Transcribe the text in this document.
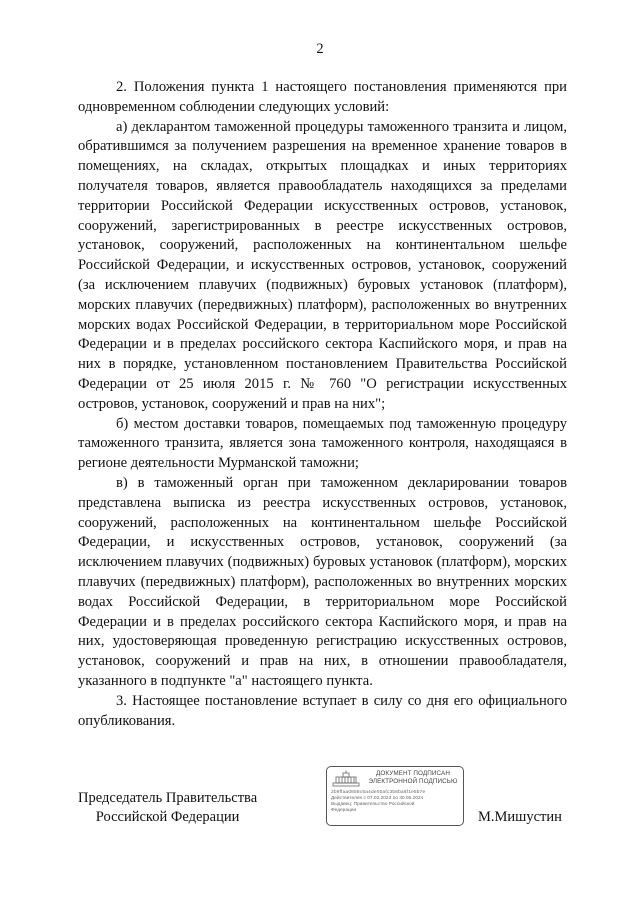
2

2. Положения пункта 1 настоящего постановления применяются при одновременном соблюдении следующих условий:

а) декларантом таможенной процедуры таможенного транзита и лицом, обратившимся за получением разрешения на временное хранение товаров в помещениях, на складах, открытых площадках и иных территориях получателя товаров, является правообладатель находящихся за пределами территории Российской Федерации искусственных островов, установок, сооружений, зарегистрированных в реестре искусственных островов, установок, сооружений, расположенных на континентальном шельфе Российской Федерации, и искусственных островов, установок, сооружений (за исключением плавучих (подвижных) буровых установок (платформ), морских плавучих (передвижных) платформ), расположенных во внутренних морских водах Российской Федерации, в территориальном море Российской Федерации и в пределах российского сектора Каспийского моря, и прав на них в порядке, установленном постановлением Правительства Российской Федерации от 25 июля 2015 г. № 760 "О регистрации искусственных островов, установок, сооружений и прав на них";

б) местом доставки товаров, помещаемых под таможенную процедуру таможенного транзита, является зона таможенного контроля, находящаяся в регионе деятельности Мурманской таможни;

в) в таможенный орган при таможенном декларировании товаров представлена выписка из реестра искусственных островов, установок, сооружений, расположенных на континентальном шельфе Российской Федерации, и искусственных островов, установок, сооружений (за исключением плавучих (подвижных) буровых установок (платформ), морских плавучих (передвижных) платформ), расположенных во внутренних морских водах Российской Федерации, в территориальном море Российской Федерации и в пределах российского сектора Каспийского моря, и прав на них, удостоверяющая проведенную регистрацию искусственных островов, установок, сооружений и прав на них, в отношении правообладателя, указанного в подпункте "а" настоящего пункта.

3. Настоящее постановление вступает в силу со дня его официального опубликования.

Председатель Правительства
Российской Федерации
ДОКУМЕНТ ПОДПИСАН
ЭЛЕКТРОННОЙ ПОДПИСЬЮ
2b9ffaa0858c6a4de00afc3b6ba8f1e5b7e
Действителен с 07.02.2023 по 30.05.2024
Выдавец: Правительство Российской
Федерации	М.Мишустин
